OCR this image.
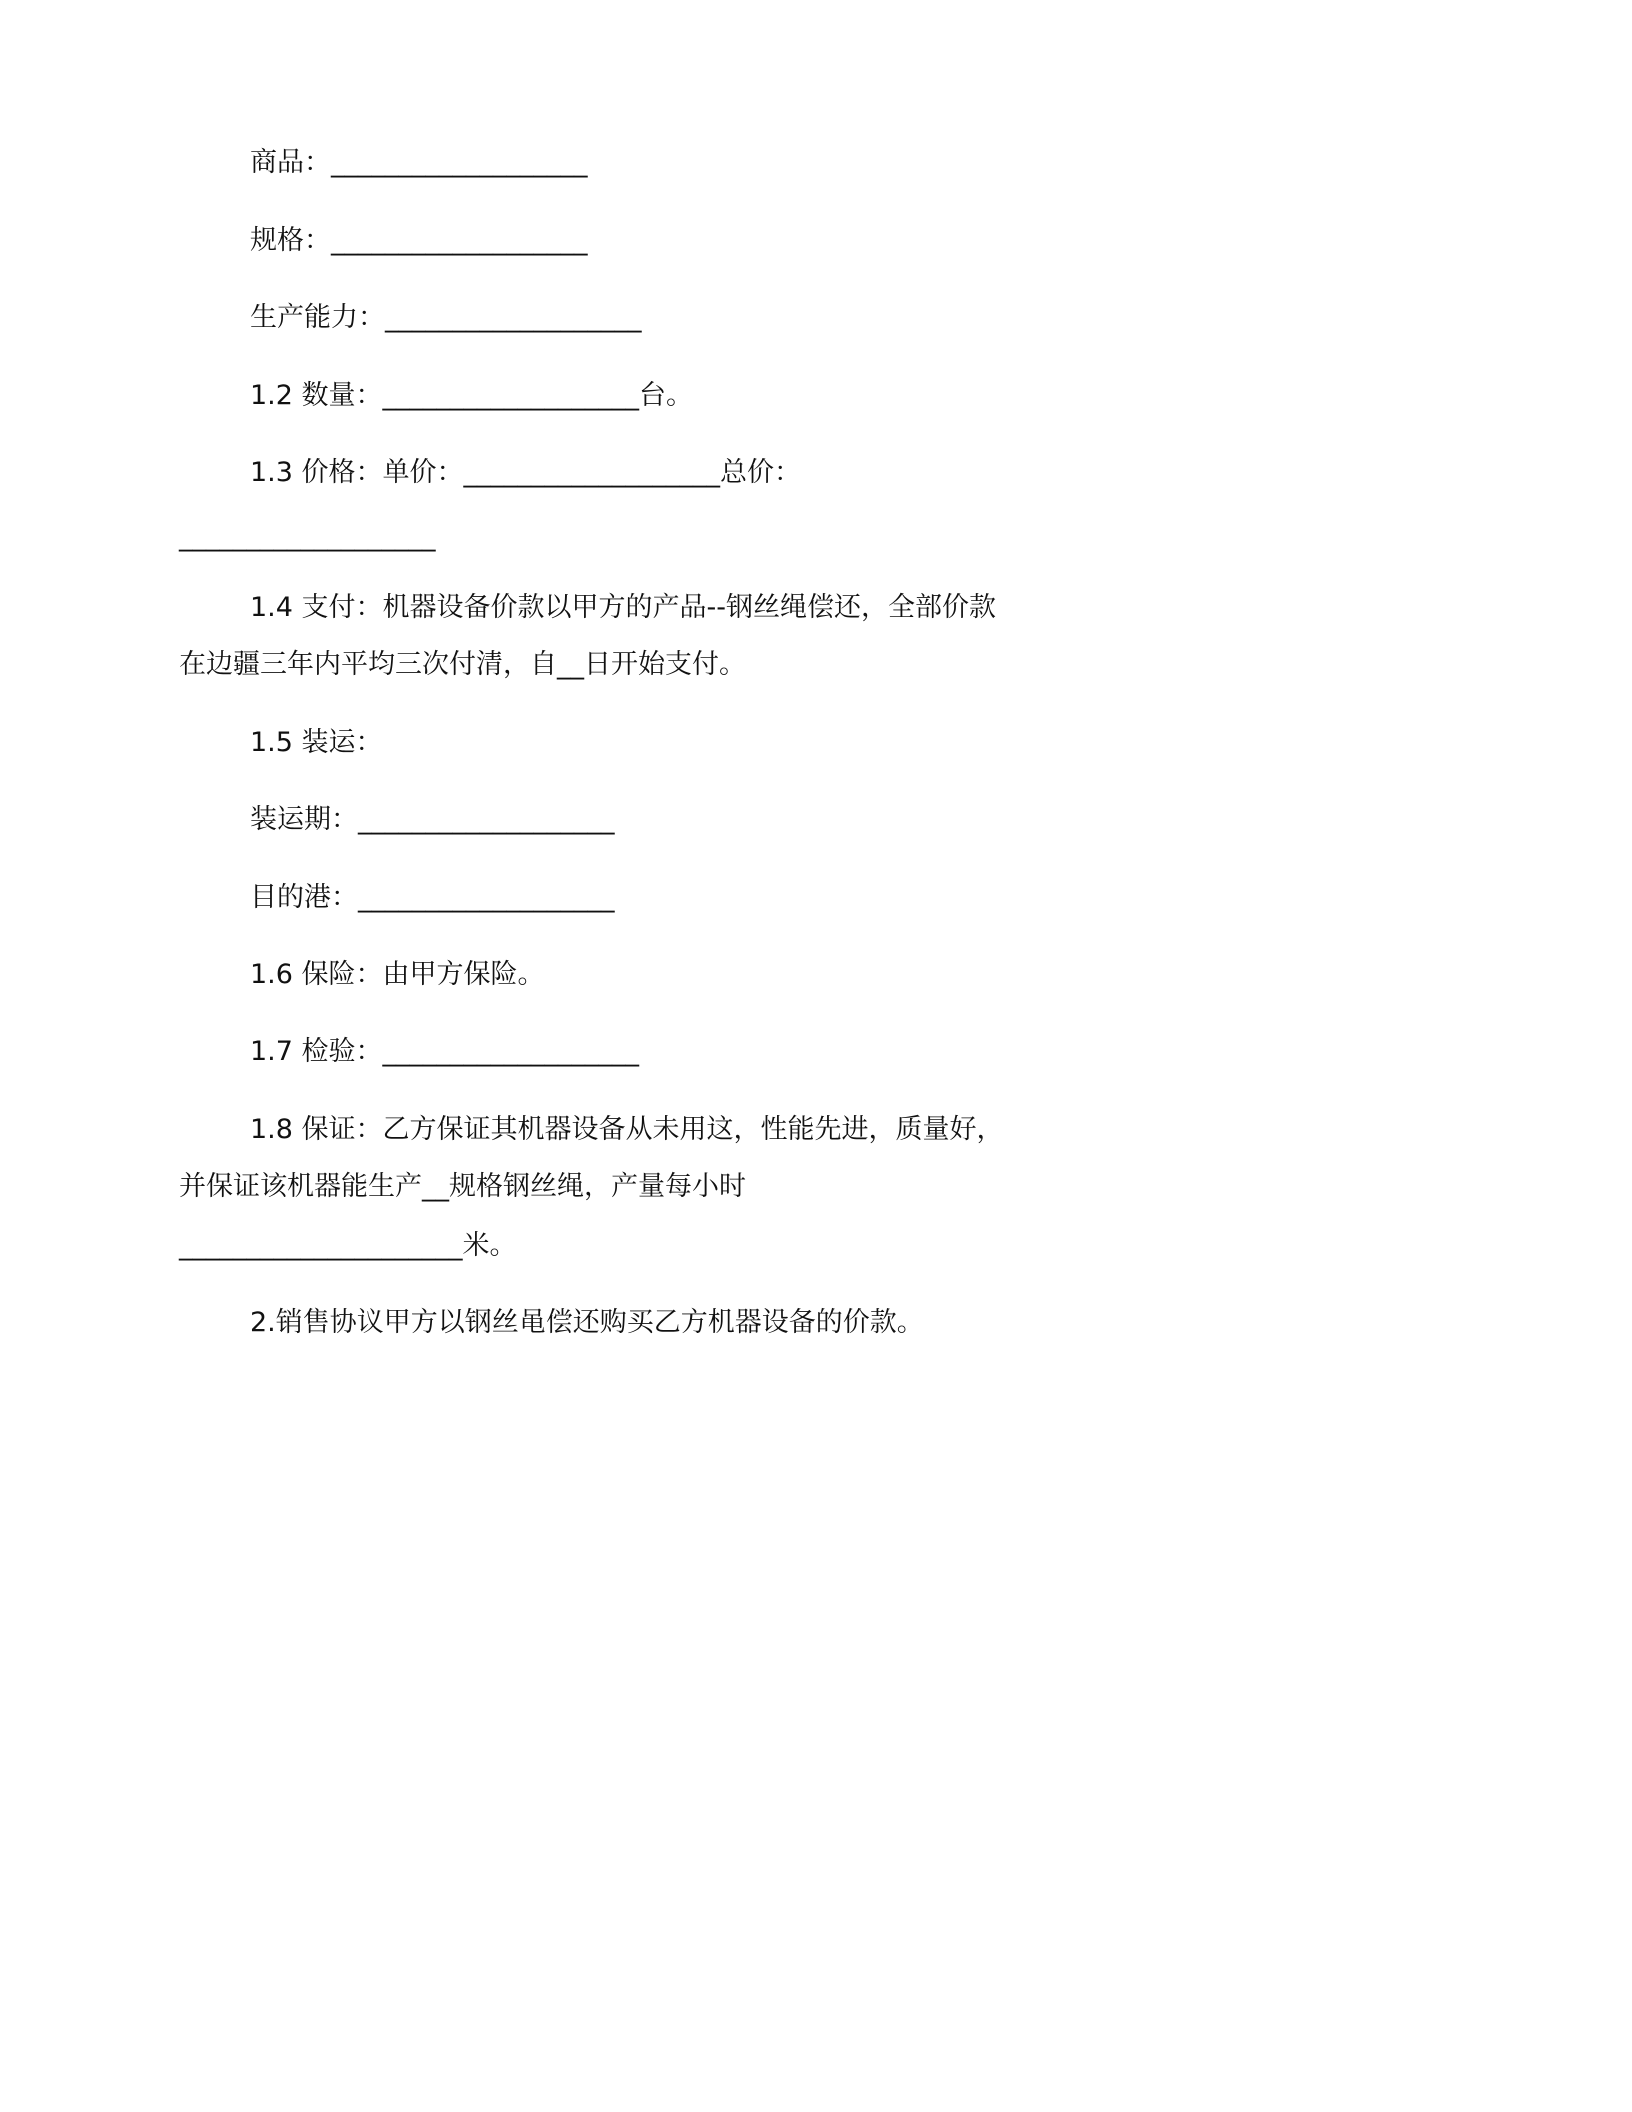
商品：___________________
规格：___________________
生产能力：___________________
1.2 数量：___________________台。
1.3 价格：单价：___________________总价：
___________________
1.4 支付：机器设备价款以甲方的产品--钢丝绳偿还，全部价款
在边疆三年内平均三次付清，自__日开始支付。
1.5 装运：
装运期：___________________
目的港：___________________
1.6 保险：由甲方保险。
1.7 检验：___________________
1.8 保证：乙方保证其机器设备从未用这，性能先进，质量好，
并保证该机器能生产__规格钢丝绳，产量每小时
_____________________米。
2.销售协议甲方以钢丝黾偿还购买乙方机器设备的价款。
